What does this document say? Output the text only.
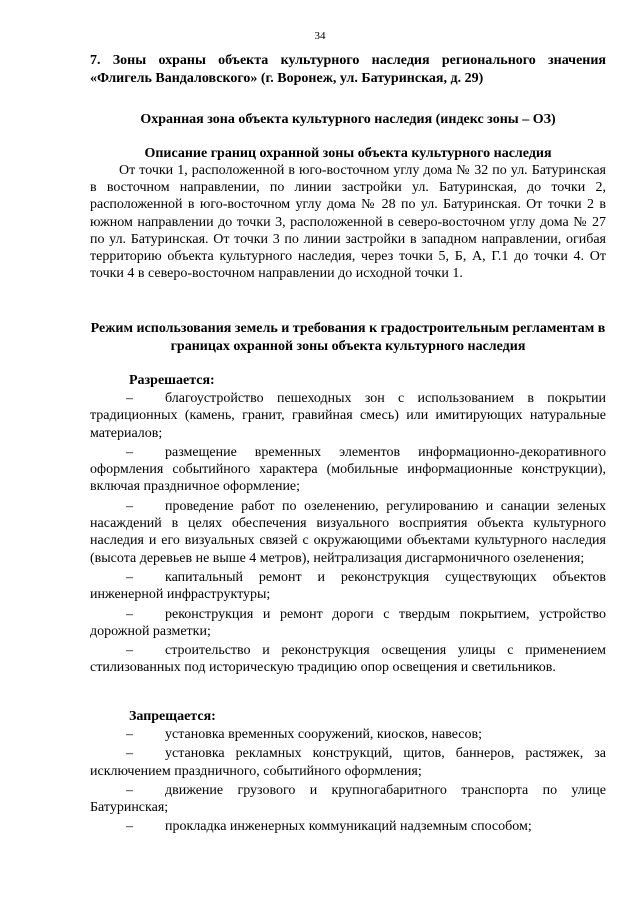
34
7. Зоны охраны объекта культурного наследия регионального значения «Флигель Вандаловского» (г. Воронеж, ул. Батуринская, д. 29)
Охранная зона объекта культурного наследия (индекс зоны – ОЗ)
Описание границ охранной зоны объекта культурного наследия
От точки 1, расположенной в юго-восточном углу дома № 32 по ул. Батуринская в восточном направлении, по линии застройки ул. Батуринская, до точки 2, расположенной в юго-восточном углу дома № 28 по ул. Батуринская. От точки 2 в южном направлении до точки 3, расположенной в северо-восточном углу дома № 27 по ул. Батуринская. От точки 3 по линии застройки в западном направлении, огибая территорию объекта культурного наследия, через точки 5, Б, А, Г.1 до точки 4. От точки 4 в северо-восточном направлении до исходной точки 1.
Режим использования земель и требования к градостроительным регламентам в границах охранной зоны объекта культурного наследия
Разрешается:

– благоустройство пешеходных зон с использованием в покрытии традиционных (камень, гранит, гравийная смесь) или имитирующих натуральные материалов;

– размещение временных элементов информационно-декоративного оформления событийного характера (мобильные информационные конструкции), включая праздничное оформление;

– проведение работ по озеленению, регулированию и санации зеленых насаждений в целях обеспечения визуального восприятия объекта культурного наследия и его визуальных связей с окружающими объектами культурного наследия (высота деревьев не выше 4 метров), нейтрализация дисгармоничного озеленения;

– капитальный ремонт и реконструкция существующих объектов инженерной инфраструктуры;

– реконструкция и ремонт дороги с твердым покрытием, устройство дорожной разметки;

– строительство и реконструкция освещения улицы с применением стилизованных под историческую традицию опор освещения и светильников.

Запрещается:

– установка временных сооружений, киосков, навесов;

– установка рекламных конструкций, щитов, баннеров, растяжек, за исключением праздничного, событийного оформления;

– движение грузового и крупногабаритного транспорта по улице Батуринская;

– прокладка инженерных коммуникаций надземным способом;
